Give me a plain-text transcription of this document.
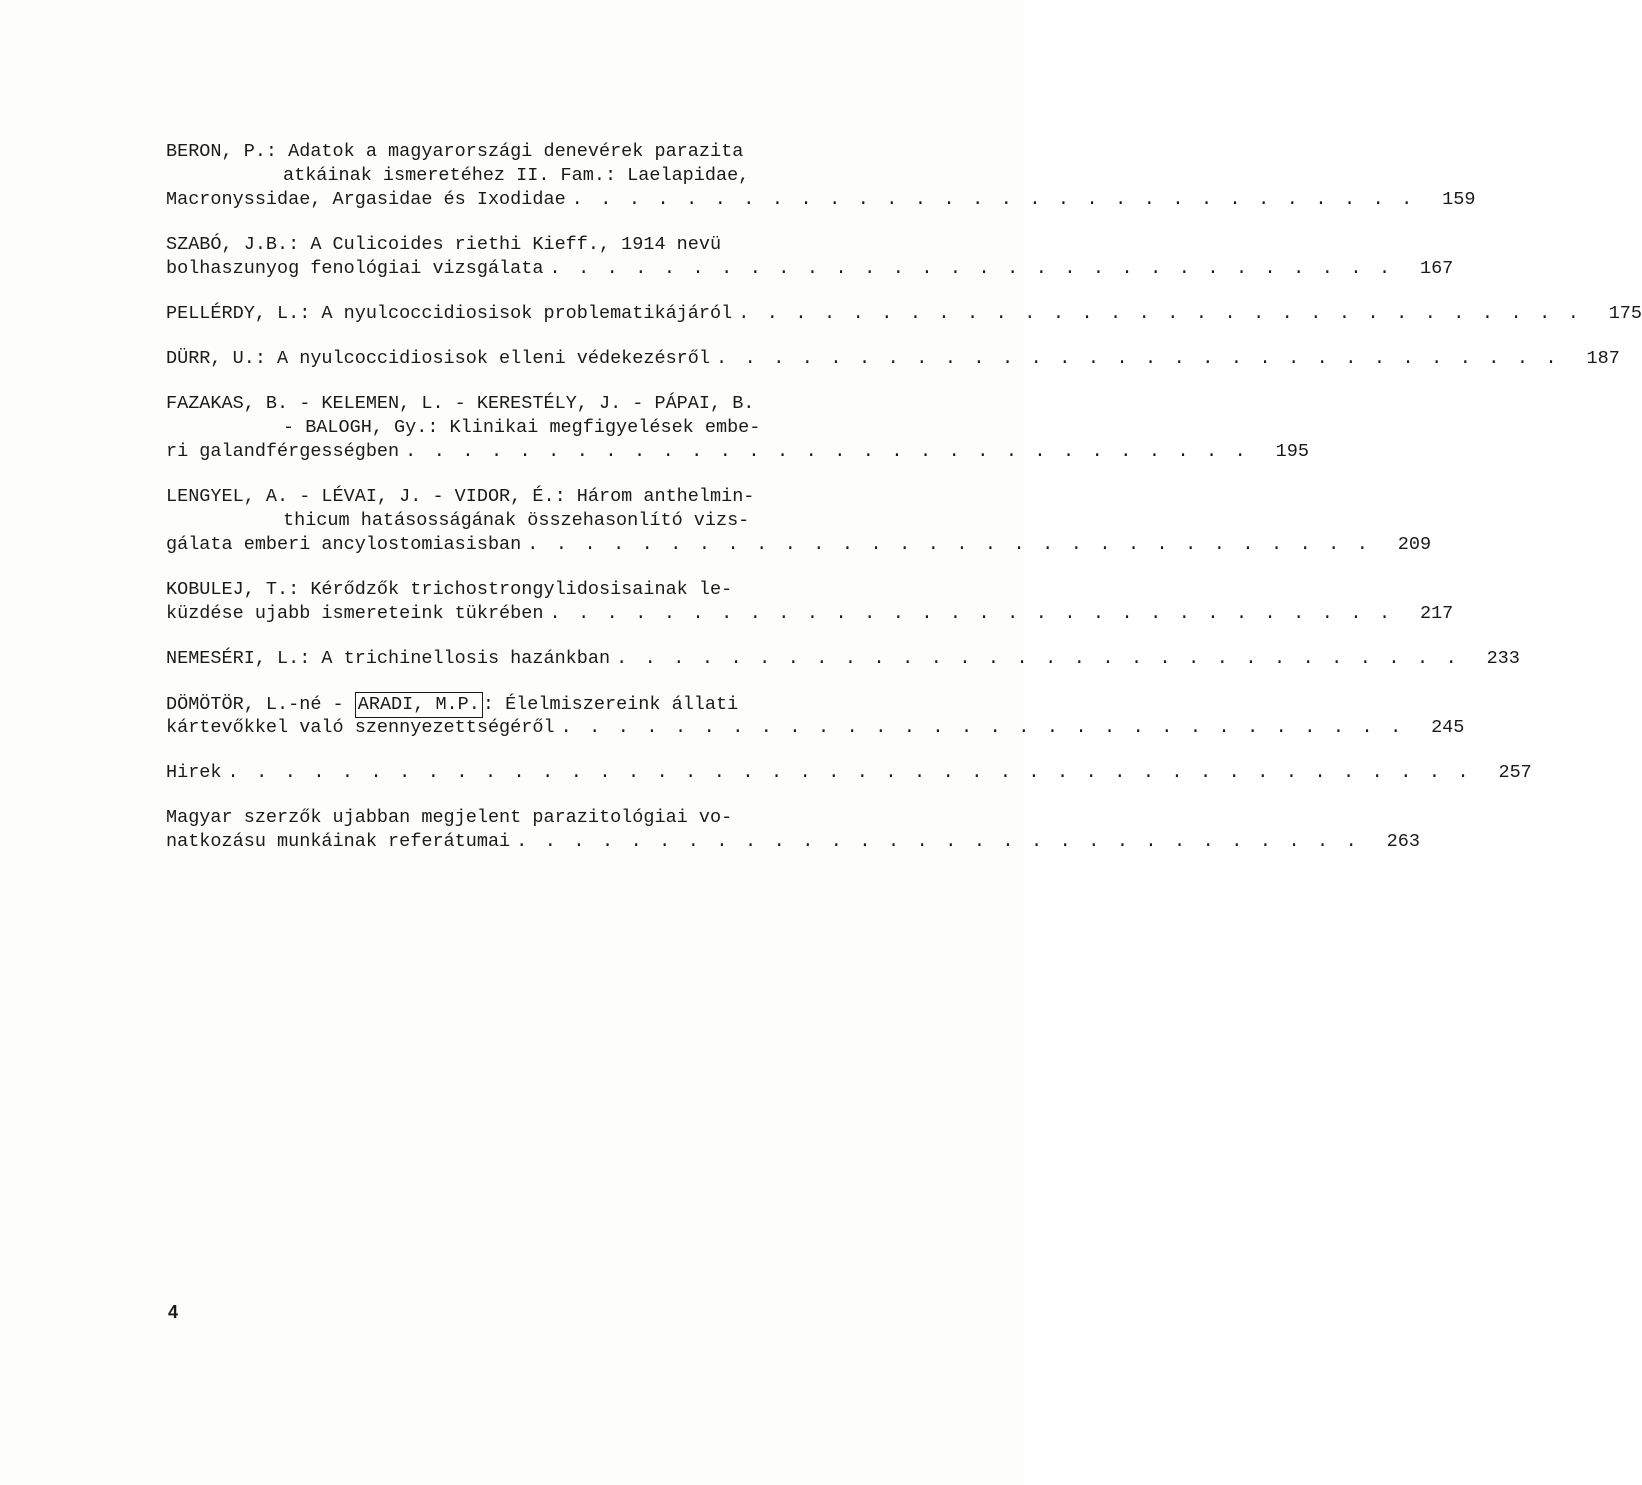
BERON, P.: Adatok a magyarországi denevérek parazita
atkáinak ismeretéhez II. Fam.: Laelapidae,
Macronyssidae, Argasidae és Ixodidae . . . . . . . . . . . . . . . . . . . . . . . . . . . . . .	159
SZABÓ, J.B.: A Culicoides riethi Kieff., 1914 nevü
bolhaszunyog fenológiai vizsgálata . . . . . . . . . . . . . . . . . . . . . . . . . . . . . .	167
PELLÉRDY, L.: A nyulcoccidiosisok problematikájáról . . . . . . . . . . . . . . . . . . . . . . . . . . . . . .	175
DÜRR, U.: A nyulcoccidiosisok elleni védekezésről . . . . . . . . . . . . . . . . . . . . . . . . . . . . . .	187
FAZAKAS, B. - KELEMEN, L. - KERESTÉLY, J. - PÁPAI, B.
- BALOGH, Gy.: Klinikai megfigyelések embe-
ri galandférgességben . . . . . . . . . . . . . . . . . . . . . . . . . . . . . .	195
LENGYEL, A. - LÉVAI, J. - VIDOR, É.: Három anthelmin-
thicum hatásosságának összehasonlító vizs-
gálata emberi ancylostomiasisban . . . . . . . . . . . . . . . . . . . . . . . . . . . . . .	209
KOBULEJ, T.: Kérődzők trichostrongylidosisainak le-
küzdése ujabb ismereteink tükrében . . . . . . . . . . . . . . . . . . . . . . . . . . . . . .	217
NEMESÉRI, L.: A trichinellosis hazánkban . . . . . . . . . . . . . . . . . . . . . . . . . . . . . .	233
DÖMÖTÖR, L.-né - ARADI, M.P. : Élelmiszereink állati
kártevőkkel való szennyezettségéről . . . . . . . . . . . . . . . . . . . . . . . . . . . . . .	245
Hirek . . . . . . . . . . . . . . . . . . . . . . . . . . . . . . . . . . . . . . . . . . . .	257
Magyar szerzők ujabban megjelent parazitológiai vo-
natkozásu munkáinak referátumai . . . . . . . . . . . . . . . . . . . . . . . . . . . . . .	263
4
